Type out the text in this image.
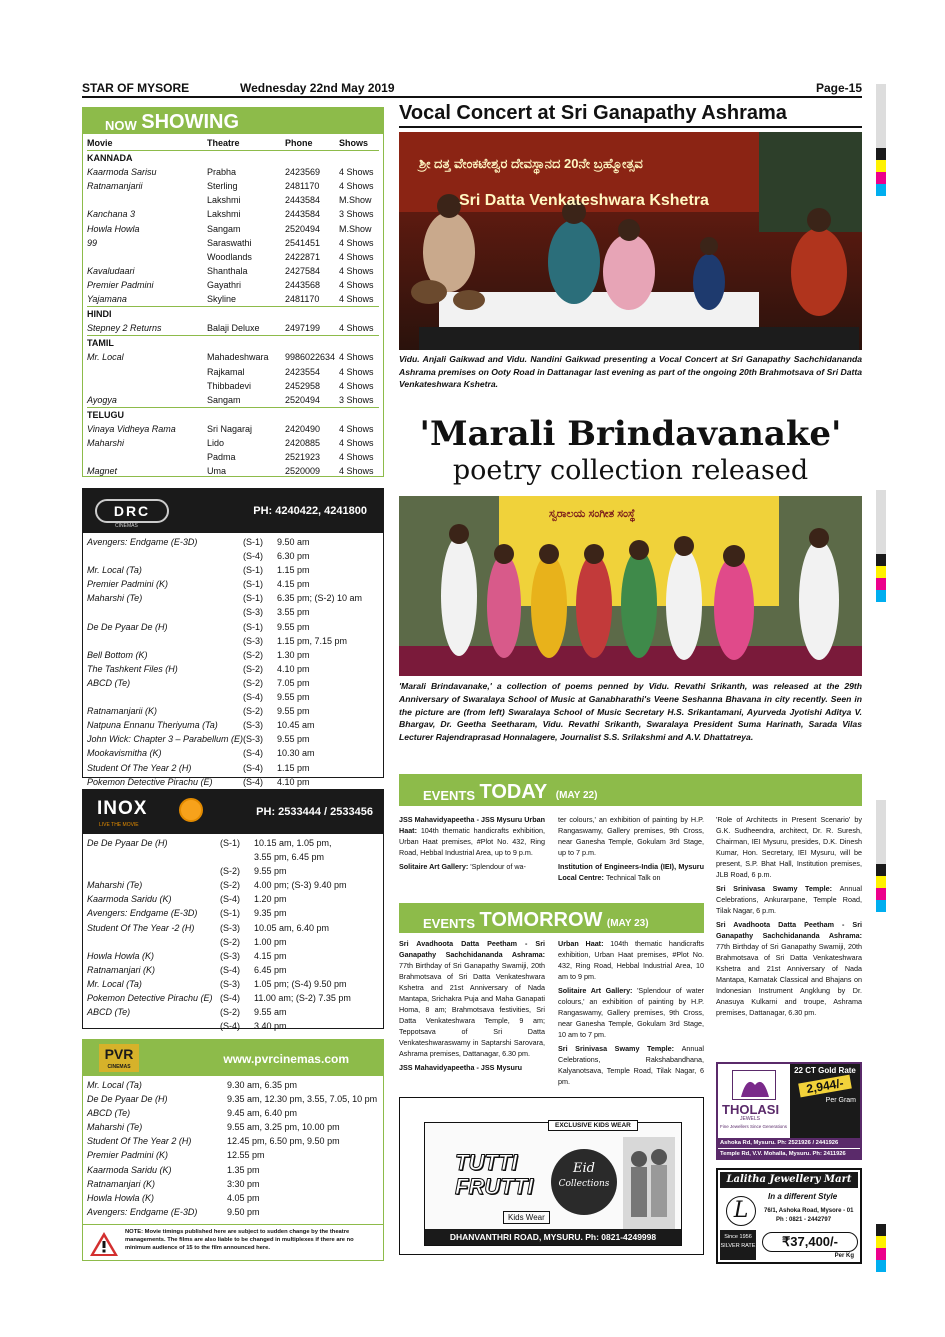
STAR OF MYSORE	Wednesday 22nd May 2019	Page-15
$_{NOW}$ SHOWING
Movie	Theatre	Phone	Shows
KANNADA			
Kaarmoda Sarisu	Prabha	2423569	4 Shows
Ratnamanjarii	Sterling	2481170	4 Shows
	Lakshmi	2443584	M.Show
Kanchana 3	Lakshmi	2443584	3 Shows
Howla Howla	Sangam	2520494	M.Show
99	Saraswathi	2541451	4 Shows
	Woodlands	2422871	4 Shows
Kavaludaari	Shanthala	2427584	4 Shows
Premier Padmini	Gayathri	2443568	4 Shows
Yajamana	Skyline	2481170	4 Shows
HINDI			
Stepney 2 Returns	Balaji Deluxe	2497199	4 Shows
TAMIL			
Mr. Local	Mahadeshwara	9986022634	4 Shows
	Rajkamal	2423554	4 Shows
	Thibbadevi	2452958	4 Shows
Ayogya	Sangam	2520494	3 Shows
TELUGU			
Vinaya Vidheya Rama	Sri Nagaraj	2420490	4 Shows
Maharshi	Lido	2420885	4 Shows
	Padma	2521923	4 Shows
Magnet	Uma	2520009	4 Shows
DRC
CINEMAS
PH: 4240422, 4241800
Avengers: Endgame (E-3D)	(S-1)	9.50 am
	(S-4)	6.30 pm
Mr. Local (Ta)	(S-1)	1.15 pm
Premier Padmini (K)	(S-1)	4.15 pm
Maharshi (Te)	(S-1)	6.35 pm; (S-2) 10 am
	(S-3)	3.55 pm
De De Pyaar De (H)	(S-1)	9.55 pm
	(S-3)	1.15 pm, 7.15 pm
Bell Bottom (K)	(S-2)	1.30 pm
The Tashkent Files (H)	(S-2)	4.10 pm
ABCD (Te)	(S-2)	7.05 pm
	(S-4)	9.55 pm
Ratnamanjarii (K)	(S-2)	9.55 pm
Natpuna Ennanu Theriyuma (Ta)	(S-3)	10.45 am
John Wick: Chapter 3 – Parabellum (E)	(S-3)	9.55 pm
Mookavismitha (K)	(S-4)	10.30 am
Student Of The Year 2 (H)	(S-4)	1.15 pm
Pokemon Detective Pirachu (E)	(S-4)	4.10 pm
INOX
LIVE THE MOVIE
PH: 2533444 / 2533456
De De Pyaar De (H)	(S-1)	10.15 am, 1.05 pm,
		3.55 pm, 6.45 pm
	(S-2)	9.55 pm
Maharshi (Te)	(S-2)	4.00 pm; (S-3) 9.40 pm
Kaarmoda Saridu (K)	(S-4)	1.20 pm
Avengers: Endgame (E-3D)	(S-1)	9.35 pm
Student Of The Year -2 (H)	(S-3)	10.05 am, 6.40 pm
	(S-2)	1.00 pm
Howla Howla (K)	(S-3)	4.15 pm
Ratnamanjari (K)	(S-4)	6.45 pm
Mr. Local (Ta)	(S-3)	1.05 pm; (S-4) 9.50 pm
Pokemon Detective Pirachu (E)	(S-4)	11.00 am; (S-2) 7.35 pm
ABCD (Te)	(S-2)	9.55 am
	(S-4)	3.40 pm
PVR
CINEMAS
www.pvrcinemas.com
Mr. Local (Ta)	9.30 am, 6.35 pm
De De Pyaar De (H)	9.35 am, 12.30 pm, 3.55, 7.05, 10 pm
ABCD (Te)	9.45 am, 6.40 pm
Maharshi (Te)	9.55 am, 3.25 pm, 10.00 pm
Student Of The Year 2 (H)	12.45 pm, 6.50 pm, 9.50 pm
Premier Padmini (K)	12.55 pm
Kaarmoda Saridu (K)	1.35 pm
Ratnamanjari (K)	3:30 pm
Howla Howla (K)	4.05 pm
Avengers: Endgame (E-3D)	9.50 pm
NOTE: Movie timings published here are subject to sudden change by the theatre managements. The films are also liable to be changed in multiplexes if there are no minimum audience of 15 to the film announced here.
Vocal Concert at Sri Ganapathy Ashrama
ಶ್ರೀ ದತ್ತ ವೇಂಕಟೇಶ್ವರ ದೇವಸ್ಥಾನದ 20ನೇ ಬ್ರಹ್ಮೋತ್ಸವ
Sri Datta Venkateshwara Kshetra
Vidu. Anjali Gaikwad and Vidu. Nandini Gaikwad presenting a Vocal Concert at Sri Ganapathy Sachchidananda Ashrama premises on Ooty Road in Dattanagar last evening as part of the ongoing 20th Brahmotsava of Sri Datta Venkateshwara Kshetra.
'Marali Brindavanake'
poetry collection released
ಸ್ವರಾಲಯ ಸಂಗೀತ ಸಂಸ್ಥೆ
'Marali Brindavanake,' a collection of poems penned by Vidu. Revathi Srikanth, was released at the 29th Anniversary of Swaralaya School of Music at Ganabharathi's Veene Seshanna Bhavana in city recently. Seen in the picture are (from left) Swaralaya School of Music Secretary H.S. Srikantamani, Ayurveda Jyotishi Aditya V. Bhargav, Dr. Geetha Seetharam, Vidu. Revathi Srikanth, Swaralaya President Suma Harinath, Sarada Vilas Lecturer Rajendraprasad Honnalagere, Journalist S.S. Srilakshmi and A.V. Dhattatreya.
$_{EVENTS}$ TODAY $_{(MAY 22)}$

JSS Mahavidyapeetha - JSS Mysuru Urban Haat: 104th thematic handicrafts exhibition, Urban Haat premises, #Plot No. 432, Ring Road, Hebbal Industrial Area, up to 9 p.m.

Solitaire Art Gallery: 'Splendour of wa-

ter colours,' an exhibition of painting by H.P. Rangaswamy, Gallery premises, 9th Cross, near Ganesha Temple, Gokulam 3rd Stage, up to 7 p.m.

Institution of Engineers-India (IEI), Mysuru Local Centre: Technical Talk on

'Role of Architects in Present Scenario' by G.K. Sudheendra, architect, Dr. R. Suresh, Chairman, IEI Mysuru, presides, D.K. Dinesh Kumar, Hon. Secretary, IEI Mysuru, will be present, S.P. Bhat Hall, Institution premises, JLB Road, 6 p.m.

Sri Srinivasa Swamy Temple: Annual Celebrations, Ankurarpane, Temple Road, Tilak Nagar, 6 p.m.

Sri Avadhoota Datta Peetham - Sri Ganapathy Sachchidananda Ashrama: 77th Birthday of Sri Ganapathy Swamiji, 20th Brahmotsava of Sri Datta Venkateshwara Kshetra and 21st Anniversary of Nada Mantapa, Karnatak Classical and Bhajans on Indonesian Instrument Angklung by Dr. Anasuya Kulkarni and troupe, Ashrama premises, Dattanagar, 6.30 pm.

$_{EVENTS}$ TOMORROW $_{(MAY 23)}$

Sri Avadhoota Datta Peetham - Sri Ganapathy Sachchidananda Ashrama: 77th Birthday of Sri Ganapathy Swamiji, 20th Brahmotsava of Sri Datta Venkateshwara Kshetra and 21st Anniversary of Nada Mantapa, Srichakra Puja and Maha Ganapati Homa, 8 am; Brahmotsava festivities, Sri Datta Venkateshwara Temple, 9 am; Teppotsava of Sri Datta Venkateshwaraswamy in Saptarshi Sarovara, Ashrama premises, Dattanagar, 6.30 pm.

JSS Mahavidyapeetha - JSS Mysuru

Urban Haat: 104th thematic handicrafts exhibition, Urban Haat premises, #Plot No. 432, Ring Road, Hebbal Industrial Area, 10 am to 9 pm.

Solitaire Art Gallery: 'Splendour of water colours,' an exhibition of painting by H.P. Rangaswamy, Gallery premises, 9th Cross, near Ganesha Temple, Gokulam 3rd Stage, 10 am to 7 pm.

Sri Srinivasa Swamy Temple: Annual Celebrations, Rakshabandhana, Kalyanotsava, Temple Road, Tilak Nagar, 6 pm.

TUTTI FRUTTI
Kids Wear
Eid
Collections
DHANVANTHRI ROAD, MYSURU. Ph: 0821-4249998
EXCLUSIVE KIDS WEAR
22 CT Gold Rate
2,944/-
Per Gram
THOLASI
JEWELS
Fine Jewellers Since Generations
Ashoka Rd, Mysuru. Ph: 2521926 / 2441926
Temple Rd, V.V. Mohalla, Mysuru. Ph: 2411926
Lalitha Jewellery Mart
In a different Style
L	76/1, Ashoka Road, Mysore - 01
Ph : 0821 - 2442797
Since 1956
SILVER RATE	₹37,400/-
Per Kg
